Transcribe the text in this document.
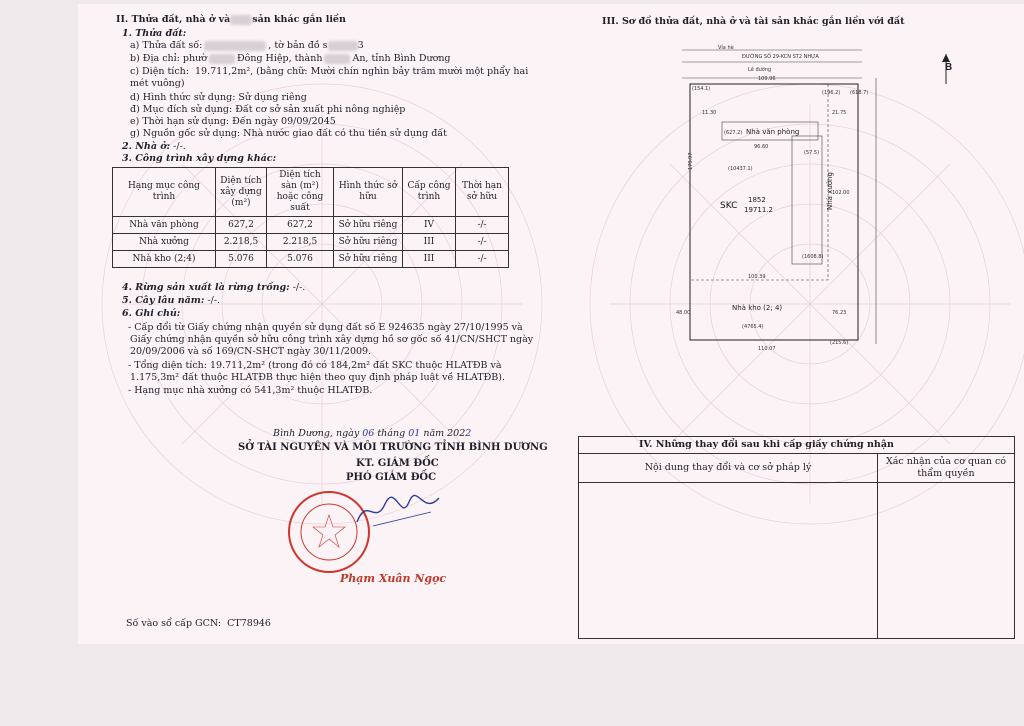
II. Thửa đất, nhà ở và sản khác gắn liền
1. Thửa đất:
a) Thửa đất số:	, tờ bản đồ s	3
b) Địa chỉ: phườ	Đông Hiệp, thành	An, tỉnh Bình Dương
c) Diện tích: 19.711,2m², (bằng chữ: Mười chín nghìn bảy trăm mười một phẩy hai
mét vuông)
d) Hình thức sử dụng: Sử dụng riêng
đ) Mục đích sử dụng: Đất cơ sở sản xuất phi nông nghiệp
e) Thời hạn sử dụng: Đến ngày 09/09/2045
g) Nguồn gốc sử dụng: Nhà nước giao đất có thu tiền sử dụng đất
2. Nhà ở: -/-.
3. Công trình xây dựng khác:
Hạng mục công trình	Diện tích xây dựng (m²)	Diện tích sàn (m²) hoặc công suất	Hình thức sở hữu	Cấp công trình	Thời hạn sở hữu
Nhà văn phòng	627,2	627,2	Sở hữu riêng	IV	-/-
Nhà xưởng	2.218,5	2.218,5	Sở hữu riêng	III	-/-
Nhà kho (2;4)	5.076	5.076	Sở hữu riêng	III	-/-
4. Rừng sản xuất là rừng trồng: -/-.
5. Cây lâu năm: -/-.
6. Ghi chú:
- Cấp đổi từ Giấy chứng nhận quyền sử dụng đất số E 924635 ngày 27/10/1995 và
Giấy chứng nhận quyền sở hữu công trình xây dựng hồ sơ gốc số 41/CN/SHCT ngày
20/09/2006 và số 169/CN-SHCT ngày 30/11/2009.
- Tổng diện tích: 19.711,2m² (trong đó có 184,2m² đất SKC thuộc HLATĐB và
1.175,3m² đất thuộc HLATĐB thực hiện theo quy định pháp luật về HLATĐB).
- Hạng mục nhà xưởng có 541,3m² thuộc HLATĐB.
Bình Dương, ngày 06 tháng 01 năm 2022
SỞ TÀI NGUYÊN VÀ MÔI TRƯỜNG TỈNH BÌNH DƯƠNG
KT. GIÁM ĐỐC
PHÓ GIÁM ĐỐC
Phạm Xuân Ngọc
Số vào sổ cấp GCN: CT78946
III. Sơ đồ thửa đất, nhà ở và tài sản khác gắn liền với đất
B
ĐƯỜNG SỐ 29-KCN ST2 NHỰA
Vỉa hè
Lề đường
109.96
(627.2) Nhà văn phòng
96.60
(10437.1)
SKC
1852
19711.2	Nhà xưởng
(1608.8)
100.39
Nhà kho (2; 4)
(4765.4)
110.07
179.97
102.00
76.23
48.00
21.75
11.30
(154.1)
(196.2) (618.7)
(57.5)
(215.6)
IV. Những thay đổi sau khi cấp giấy chứng nhận	
Nội dung thay đổi và cơ sở pháp lý	Xác nhận của cơ quan có thẩm quyền
